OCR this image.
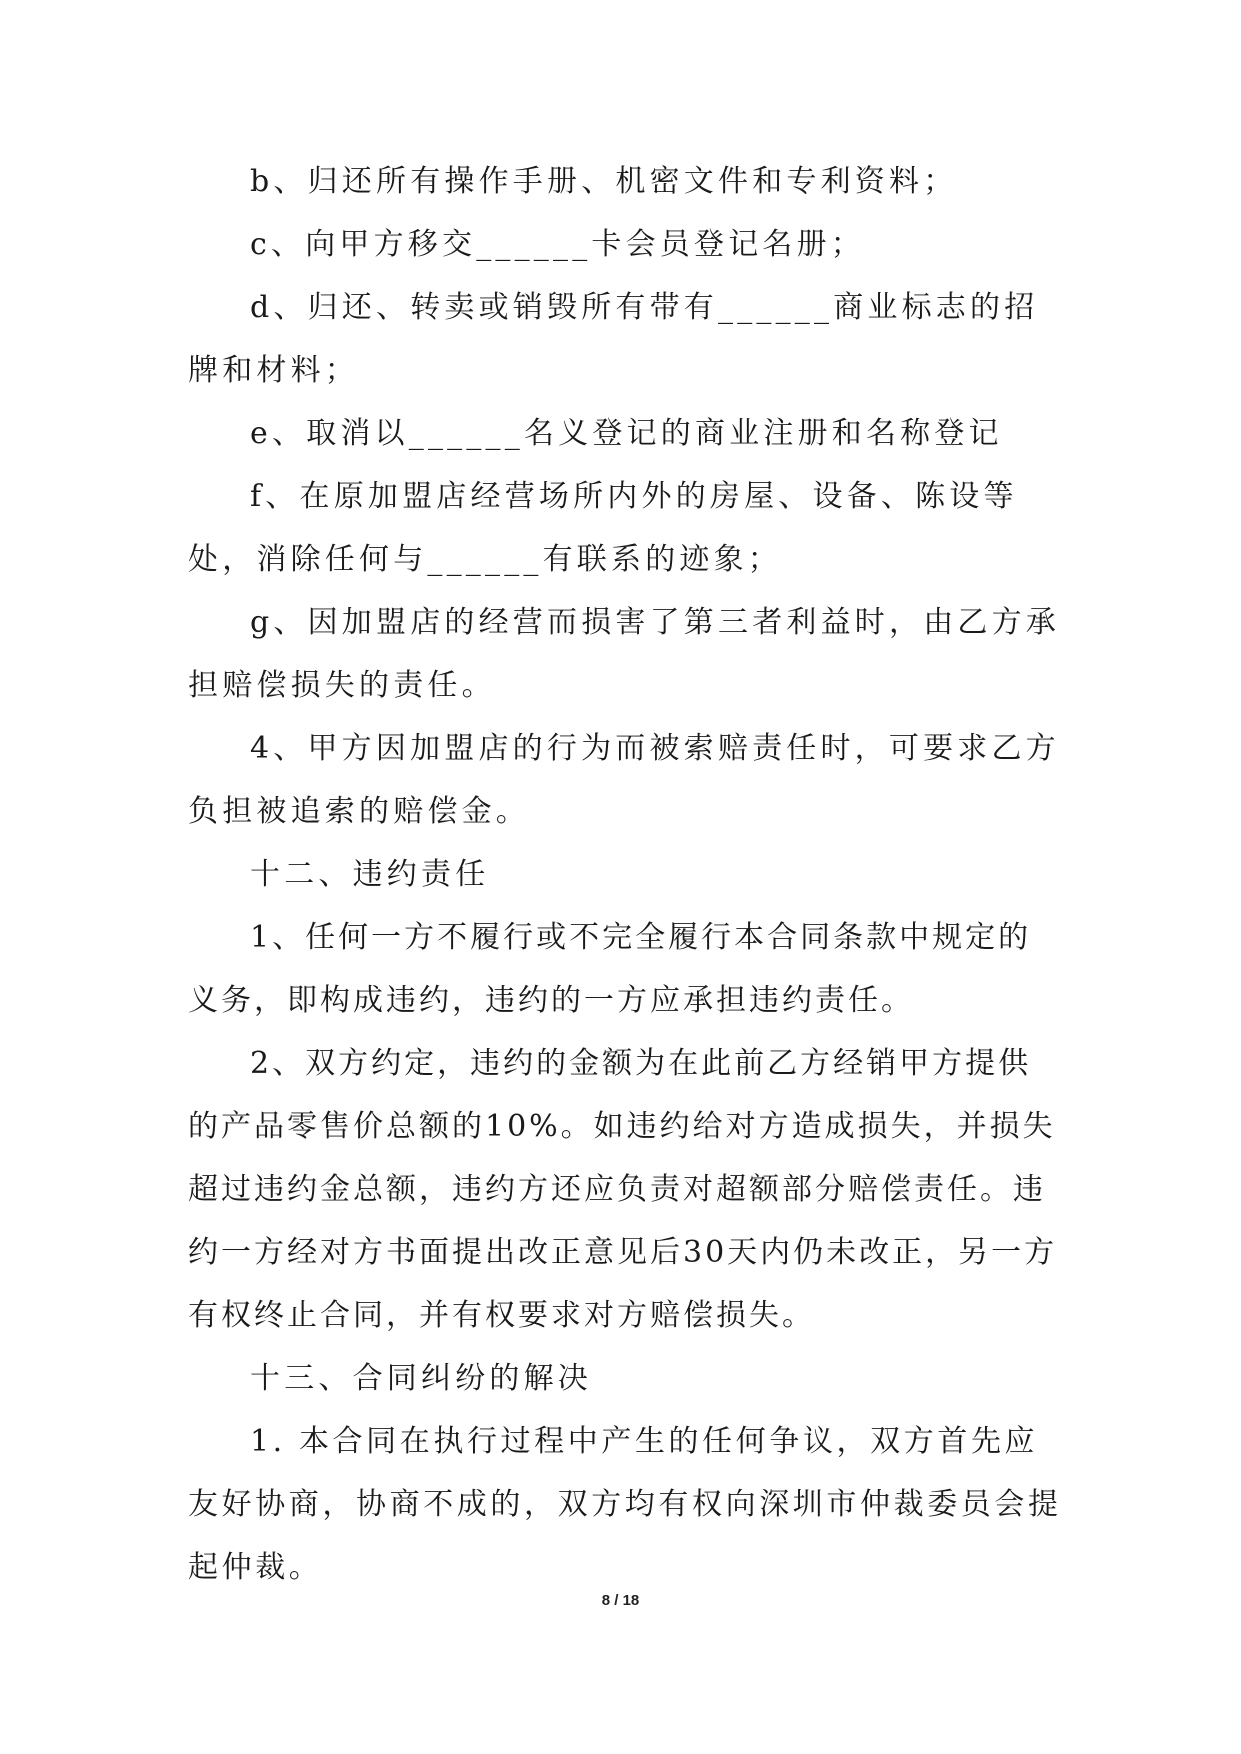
b、归还所有操作手册、机密文件和专利资料；

c、向甲方移交______卡会员登记名册；

d、归还、转卖或销毁所有带有______商业标志的招牌和材料；

e、取消以______名义登记的商业注册和名称登记

f、在原加盟店经营场所内外的房屋、设备、陈设等处，消除任何与______有联系的迹象；

g、因加盟店的经营而损害了第三者利益时，由乙方承担赔偿损失的责任。

4、甲方因加盟店的行为而被索赔责任时，可要求乙方负担被追索的赔偿金。

十二、违约责任

1、任何一方不履行或不完全履行本合同条款中规定的义务，即构成违约，违约的一方应承担违约责任。

2、双方约定，违约的金额为在此前乙方经销甲方提供的产品零售价总额的10%。如违约给对方造成损失，并损失超过违约金总额，违约方还应负责对超额部分赔偿责任。违约一方经对方书面提出改正意见后30天内仍未改正，另一方有权终止合同，并有权要求对方赔偿损失。

十三、合同纠纷的解决

1. 本合同在执行过程中产生的任何争议，双方首先应友好协商，协商不成的，双方均有权向深圳市仲裁委员会提起仲裁。

8 / 18
